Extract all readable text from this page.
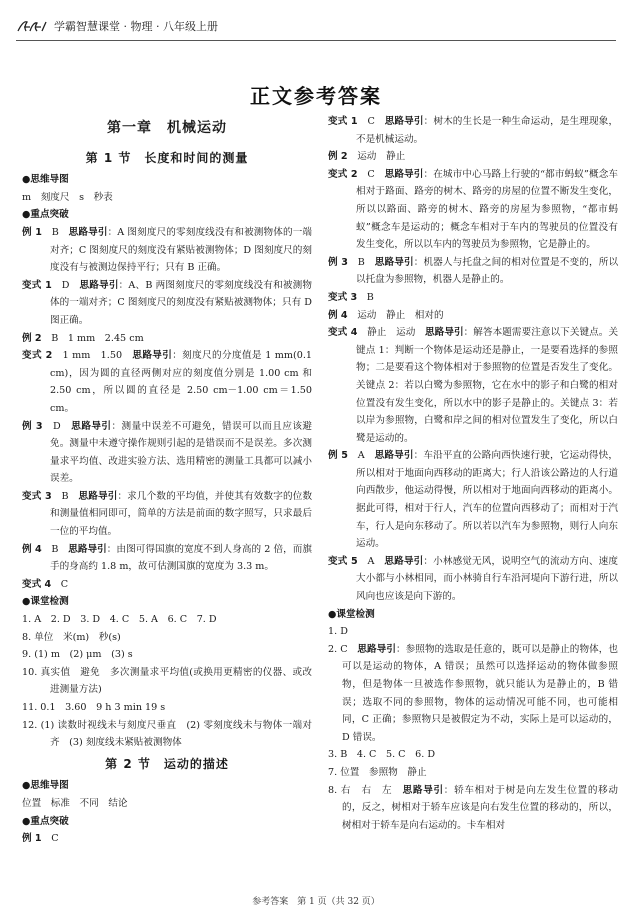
学霸智慧课堂 · 物理 · 八年级上册
正文参考答案
第一章　机械运动
第 1 节　长度和时间的测量
●思维导图

m　刻度尺　s　秒表

●重点突破

例 1　 B　 思路导引：A 图刻度尺的零刻度线没有和被测物体的一端对齐；C 图刻度尺的刻度没有紧贴被测物体；D 图刻度尺的刻度没有与被测边保持平行；只有 B 正确。

变式 1　 D　 思路导引：A、B 两图刻度尺的零刻度线没有和被测物体的一端对齐；C 图刻度尺的刻度没有紧贴被测物体；只有 D 图正确。

例 2　 B　1 mm　2.45 cm

变式 2　 1 mm　1.50　 思路导引：刻度尺的分度值是 1 mm(0.1 cm)，因为圆的直径两侧对应的刻度值分别是 1.00 cm 和 2.50 cm，所以圆的直径是 2.50 cm－1.00 cm＝1.50 cm。

例 3　 D　 思路导引：测量中误差不可避免，错误可以而且应该避免。测量中未遵守操作规则引起的是错误而不是误差。多次测量求平均值、改进实验方法、选用精密的测量工具都可以减小误差。

变式 3　 B　 思路导引：求几个数的平均值，并使其有效数字的位数和测量值相同即可，简单的方法是前面的数字照写，只求最后一位的平均值。

例 4　 B　 思路导引：由图可得国旗的宽度不到人身高的 2 倍，而旗手的身高约 1.8 m，故可估测国旗的宽度为 3.3 m。

变式 4　 C

●课堂检测

1. A　2. D　3. D　4. C　5. A　6. C　7. D

8. 单位　米(m)　秒(s)

9. (1) m　(2) μm　(3) s

10. 真实值　避免　多次测量求平均值(或换用更精密的仪器、或改进测量方法)

11. 0.1　3.60　9 h 3 min 19 s

12. (1) 读数时视线未与刻度尺垂直　(2) 零刻度线未与物体一端对齐　(3) 刻度线未紧贴被测物体

第 2 节　运动的描述
●思维导图

位置　标准　不同　结论

●重点突破

例 1　 C

变式 1　 C　 思路导引：树木的生长是一种生命运动，是生理现象，不是机械运动。

例 2　 运动　静止

变式 2　 C　 思路导引：在城市中心马路上行驶的“都市蚂蚁”概念车相对于路面、路旁的树木、路旁的房屋的位置不断发生变化，所以以路面、路旁的树木、路旁的房屋为参照物，“都市蚂蚁”概念车是运动的；概念车相对于车内的驾驶员的位置没有发生变化，所以以车内的驾驶员为参照物，它是静止的。

例 3　 B　 思路导引：机器人与托盘之间的相对位置是不变的，所以以托盘为参照物，机器人是静止的。

变式 3　 B

例 4　 运动　静止　相对的

变式 4　 静止　运动　 思路导引：解答本题需要注意以下关键点。关键点 1：判断一个物体是运动还是静止，一是要看选择的参照物；二是要看这个物体相对于参照物的位置是否发生了变化。关键点 2：若以白鹭为参照物，它在水中的影子和白鹭的相对位置没有发生变化，所以水中的影子是静止的。关键点 3：若以岸为参照物，白鹭和岸之间的相对位置发生了变化，所以白鹭是运动的。

例 5　 A　 思路导引：车沿平直的公路向西快速行驶，它运动得快，所以相对于地面向西移动的距离大；行人沿该公路边的人行道向西散步，他运动得慢，所以相对于地面向西移动的距离小。据此可得，相对于行人，汽车的位置向西移动了；而相对于汽车，行人是向东移动了。所以若以汽车为参照物，则行人向东运动。

变式 5　 A　 思路导引：小林感觉无风，说明空气的流动方向、速度大小都与小林相同，而小林骑自行车沿河堤向下游行进，所以风向也应该是向下游的。

●课堂检测

1. D

2. C　 思路导引：参照物的选取是任意的，既可以是静止的物体，也可以是运动的物体，A 错误；虽然可以选择运动的物体做参照物，但是物体一旦被选作参照物，就只能认为是静止的，B 错误；选取不同的参照物，物体的运动情况可能不同，也可能相同，C 正确；参照物只是被假定为不动，实际上是可以运动的，D 错误。

3. B　4. C　5. C　6. D

7. 位置　参照物　静止

8. 右　右　左　 思路导引：轿车相对于树是向左发生位置的移动的，反之，树相对于轿车应该是向右发生位置的移动的，所以，树相对于轿车是向右运动的。卡车相对

参考答案　第 1 页（共 32 页）
